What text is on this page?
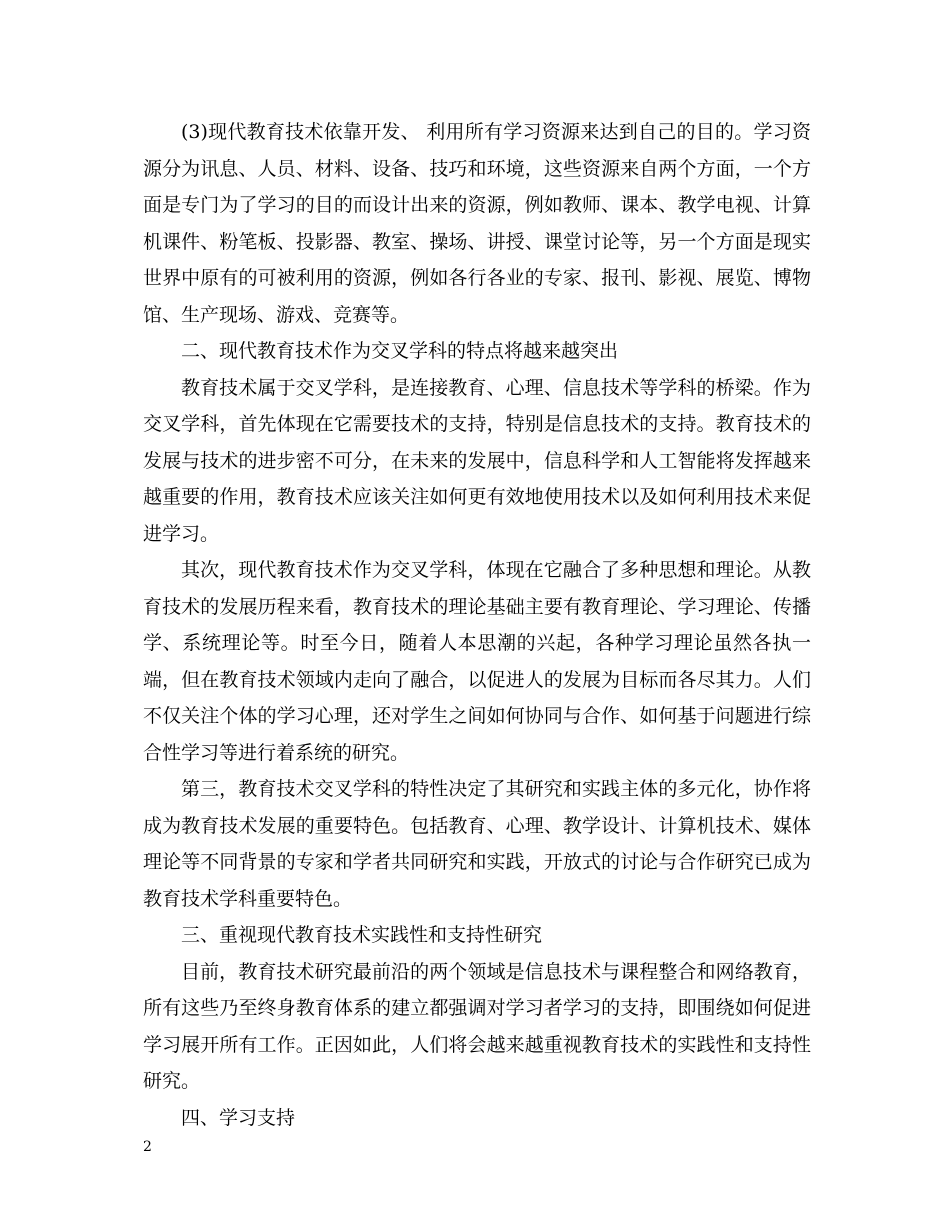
(3)现代教育技术依靠开发、 利用所有学习资源来达到自己的目的。学习资源分为讯息、人员、材料、设备、技巧和环境，这些资源来自两个方面，一个方面是专门为了学习的目的而设计出来的资源，例如教师、课本、教学电视、计算机课件、粉笔板、投影器、教室、操场、讲授、课堂讨论等，另一个方面是现实世界中原有的可被利用的资源，例如各行各业的专家、报刊、影视、展览、博物馆、生产现场、游戏、竞赛等。

二、现代教育技术作为交叉学科的特点将越来越突出

教育技术属于交叉学科，是连接教育、心理、信息技术等学科的桥梁。作为交叉学科，首先体现在它需要技术的支持，特别是信息技术的支持。教育技术的发展与技术的进步密不可分，在未来的发展中，信息科学和人工智能将发挥越来越重要的作用，教育技术应该关注如何更有效地使用技术以及如何利用技术来促进学习。

其次，现代教育技术作为交叉学科，体现在它融合了多种思想和理论。从教育技术的发展历程来看，教育技术的理论基础主要有教育理论、学习理论、传播学、系统理论等。时至今日，随着人本思潮的兴起，各种学习理论虽然各执一端，但在教育技术领域内走向了融合，以促进人的发展为目标而各尽其力。人们不仅关注个体的学习心理，还对学生之间如何协同与合作、如何基于问题进行综合性学习等进行着系统的研究。

第三，教育技术交叉学科的特性决定了其研究和实践主体的多元化，协作将成为教育技术发展的重要特色。包括教育、心理、教学设计、计算机技术、媒体理论等不同背景的专家和学者共同研究和实践，开放式的讨论与合作研究已成为教育技术学科重要特色。

三、重视现代教育技术实践性和支持性研究

目前，教育技术研究最前沿的两个领域是信息技术与课程整合和网络教育，所有这些乃至终身教育体系的建立都强调对学习者学习的支持，即围绕如何促进学习展开所有工作。正因如此，人们将会越来越重视教育技术的实践性和支持性研究。

四、学习支持

2
